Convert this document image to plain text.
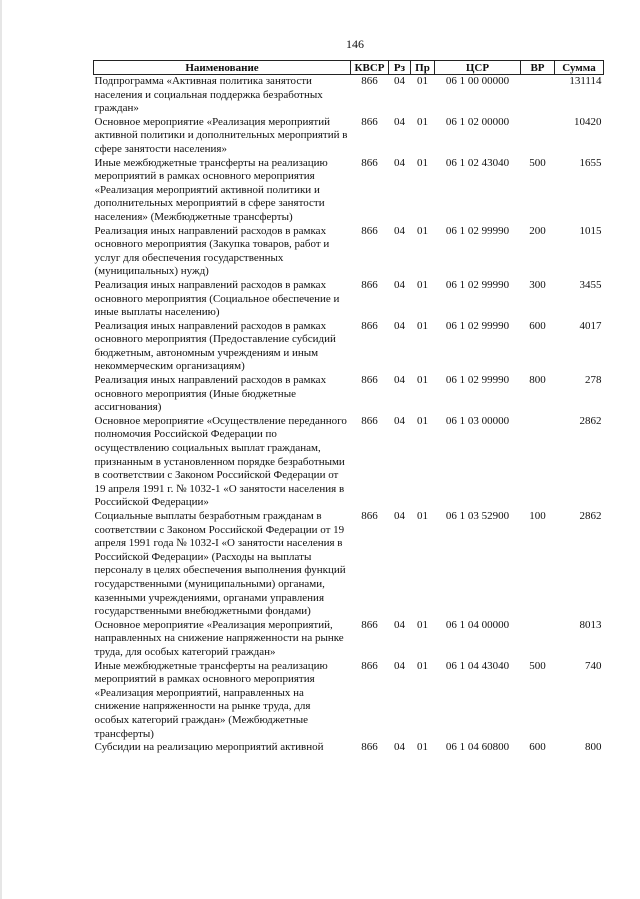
146
Наименование	КВСР	Рз	Пр	ЦСР	ВР	Сумма
Подпрограмма «Активная политика занятости населения и социальная поддержка безработных граждан»	866	04	01	06 1 00 00000		131114
Основное мероприятие «Реализация мероприятий активной политики и дополнительных мероприятий в сфере занятости населения»	866	04	01	06 1 02 00000		10420
Иные межбюджетные трансферты на реализацию мероприятий в рамках основного мероприятия «Реализация мероприятий активной политики и дополнительных мероприятий в сфере занятости населения» (Межбюджетные трансферты)	866	04	01	06 1 02 43040	500	1655
Реализация иных направлений расходов в рамках основного мероприятия (Закупка товаров, работ и услуг для обеспечения государственных (муниципальных) нужд)	866	04	01	06 1 02 99990	200	1015
Реализация иных направлений расходов в рамках основного мероприятия (Социальное обеспечение и иные выплаты населению)	866	04	01	06 1 02 99990	300	3455
Реализация иных направлений расходов в рамках основного мероприятия (Предоставление субсидий бюджетным, автономным учреждениям и иным некоммерческим организациям)	866	04	01	06 1 02 99990	600	4017
Реализация иных направлений расходов в рамках основного мероприятия (Иные бюджетные ассигнования)	866	04	01	06 1 02 99990	800	278
Основное мероприятие «Осуществление переданного полномочия Российской Федерации по осуществлению социальных выплат гражданам, признанным в установленном порядке безработными в соответствии с Законом Российской Федерации от 19 апреля 1991 г. № 1032-1 «О занятости населения в Российской Федерации»	866	04	01	06 1 03 00000		2862
Социальные выплаты безработным гражданам в соответствии с Законом Российской Федерации от 19 апреля 1991 года № 1032-I «О занятости населения в Российской Федерации» (Расходы на выплаты персоналу в целях обеспечения выполнения функций государственными (муниципальными) органами, казенными учреждениями, органами управления государственными внебюджетными фондами)	866	04	01	06 1 03 52900	100	2862
Основное мероприятие «Реализация мероприятий, направленных на снижение напряженности на рынке труда, для особых категорий граждан»	866	04	01	06 1 04 00000		8013
Иные межбюджетные трансферты на реализацию мероприятий в рамках основного мероприятия «Реализация мероприятий, направленных на снижение напряженности на рынке труда, для особых категорий граждан» (Межбюджетные трансферты)	866	04	01	06 1 04 43040	500	740
Субсидии на реализацию мероприятий активной	866	04	01	06 1 04 60800	600	800
